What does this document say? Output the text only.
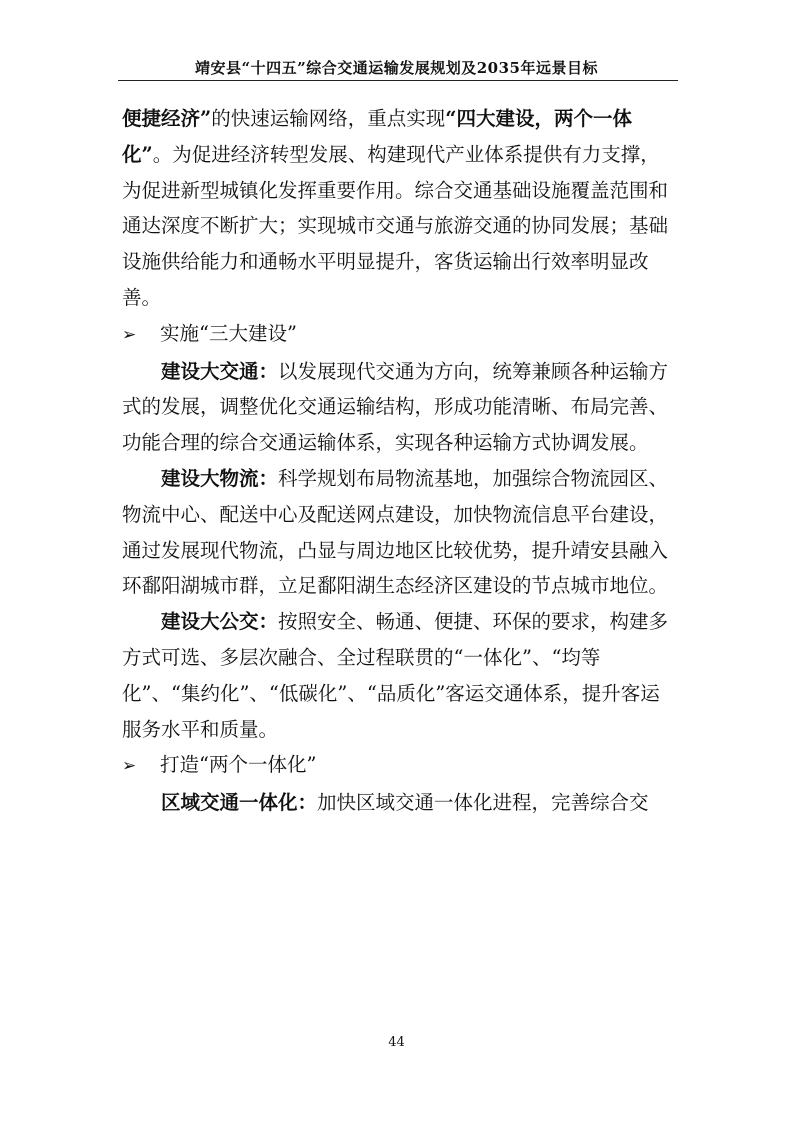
靖安县“十四五”综合交通运输发展规划及2035年远景目标

便捷经济”的快速运输网络，重点实现“四大建设，两个一体化”。为促进经济转型发展、构建现代产业体系提供有力支撑，为促进新型城镇化发挥重要作用。综合交通基础设施覆盖范围和通达深度不断扩大；实现城市交通与旅游交通的协同发展；基础设施供给能力和通畅水平明显提升，客货运输出行效率明显改善。

➢ 实施“三大建设”

建设大交通：以发展现代交通为方向，统筹兼顾各种运输方式的发展，调整优化交通运输结构，形成功能清晰、布局完善、功能合理的综合交通运输体系，实现各种运输方式协调发展。

建设大物流：科学规划布局物流基地，加强综合物流园区、物流中心、配送中心及配送网点建设，加快物流信息平台建设，通过发展现代物流，凸显与周边地区比较优势，提升靖安县融入环鄱阳湖城市群，立足鄱阳湖生态经济区建设的节点城市地位。

建设大公交：按照安全、畅通、便捷、环保的要求，构建多方式可选、多层次融合、全过程联贯的“一体化”、“均等化”、“集约化”、“低碳化”、“品质化”客运交通体系，提升客运服务水平和质量。

➢ 打造“两个一体化”

区域交通一体化：加快区域交通一体化进程，完善综合交

44
